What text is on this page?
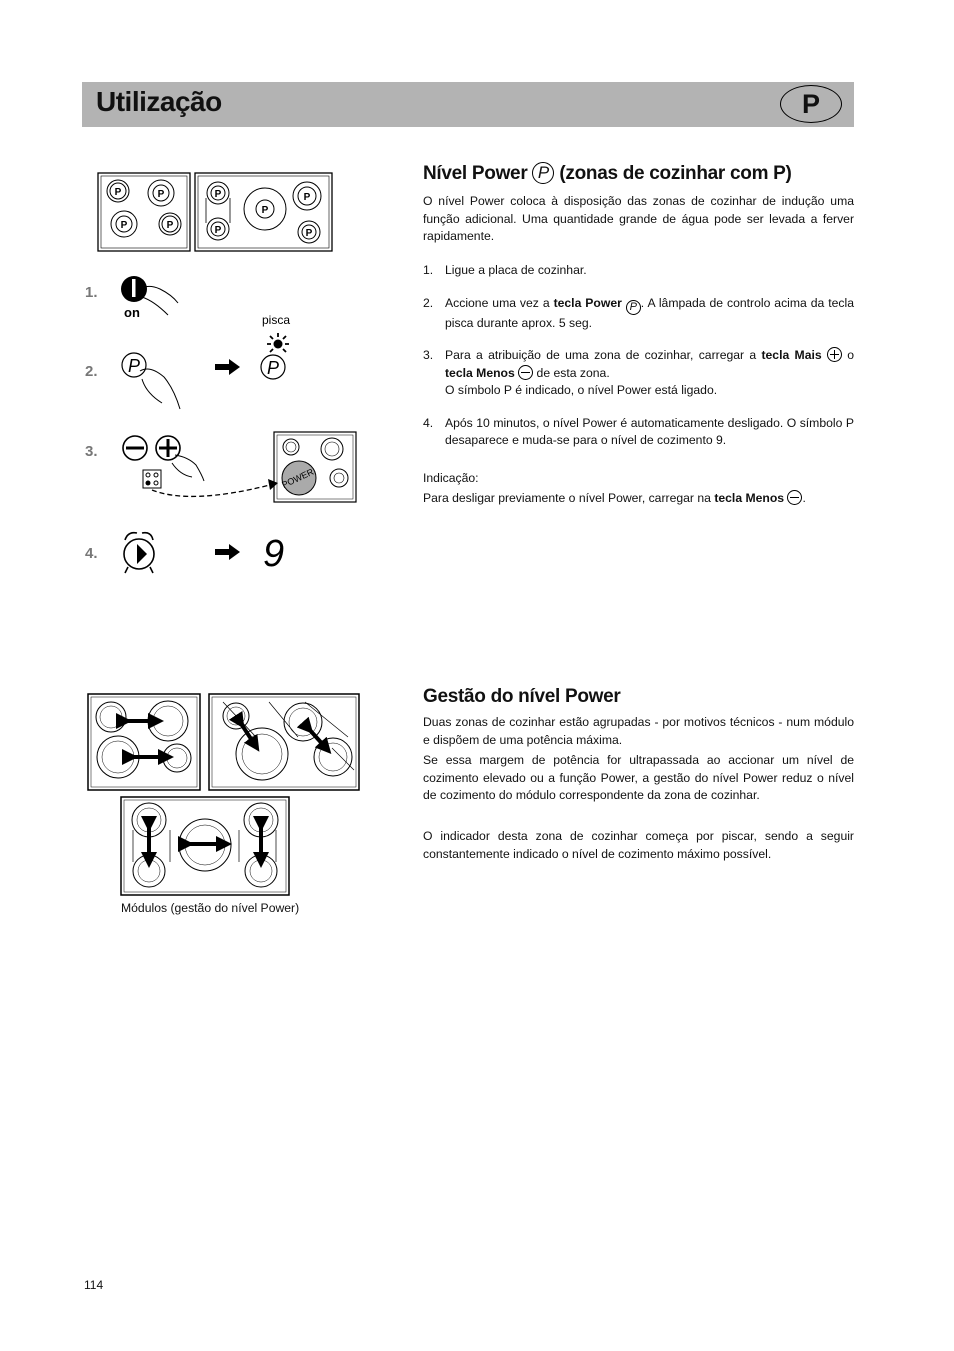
Utilização	P
P	P
P	P
P
P
P
P
P
1.
on
2. P
pisca
P
3.
POWER
4.	9
Nível Power P (zonas de cozinhar com P)

O nível Power coloca à disposição das zonas de cozinhar de indução uma função adicional. Uma quantidade grande de água pode ser levada a ferver rapidamente.

1. Ligue a placa de cozinhar.
2. Accione uma vez a tecla Power P . A lâmpada de controlo acima da tecla pisca durante aprox. 5 seg.
3. Para a atribuição de uma zona de cozinhar, carregar a tecla Mais o tecla Menos de esta zona.
O símbolo P é indicado, o nível Power está ligado.
4. Após 10 minutos, o nível Power é automaticamente desligado. O símbolo P desaparece e muda-se para o nível de cozimento 9.

Indicação:

Para desligar previamente o nível Power, carregar na tecla Menos .

Módulos (gestão do nível Power)
Gestão do nível Power

Duas zonas de cozinhar estão agrupadas - por motivos técnicos - num módulo e dispõem de uma potência máxima.

Se essa margem de potência for ultrapassada ao accionar um nível de cozimento elevado ou a função Power, a gestão do nível Power reduz o nível de cozimento do módulo correspondente da zona de cozinhar.

O indicador desta zona de cozinhar começa por piscar, sendo a seguir constantemente indicado o nível de cozimento máximo possível.

114
